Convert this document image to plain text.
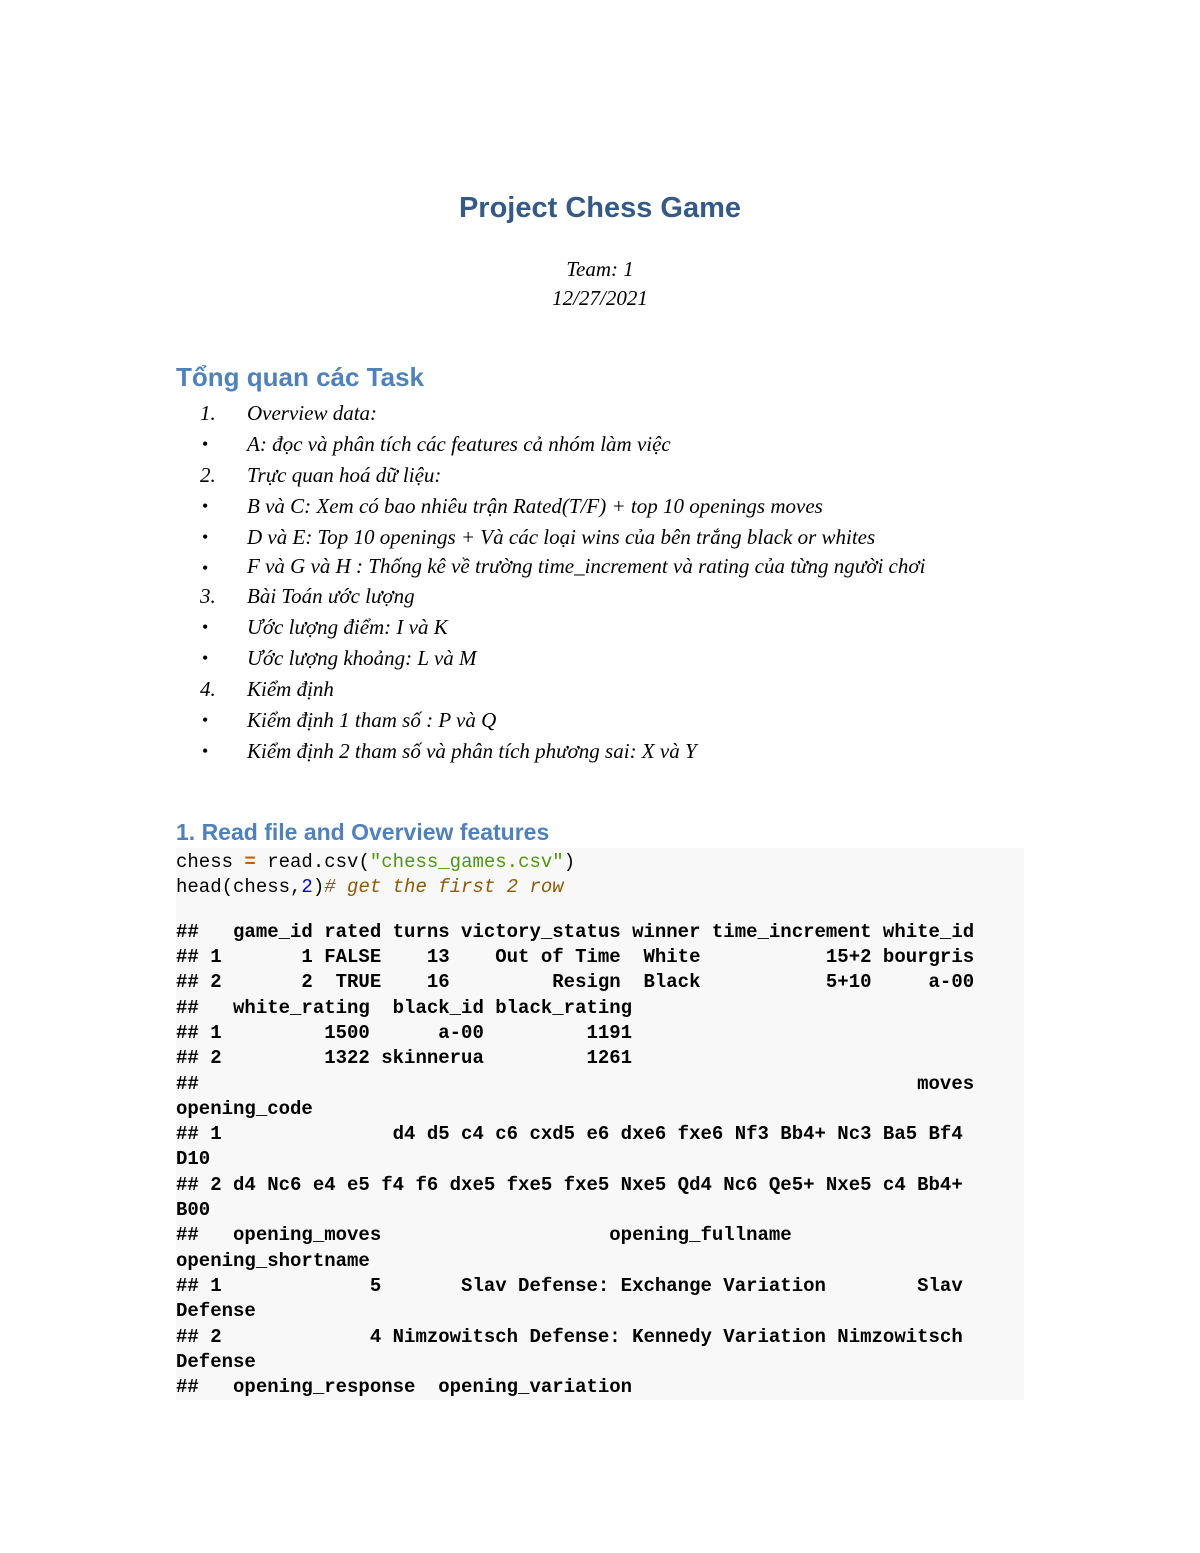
Project Chess Game

Team: 1

12/27/2021

Tổng quan các Task
1. Overview data:
• A: đọc và phân tích các features cả nhóm làm việc
2. Trực quan hoá dữ liệu:
• B và C: Xem có bao nhiêu trận Rated(T/F) + top 10 openings moves
• D và E: Top 10 openings + Và các loại wins của bên trắng black or whites
• F và G và H : Thống kê về trường time_increment và rating của từng người chơi
3. Bài Toán ước lượng
• Ước lượng điểm: I và K
• Ước lượng khoảng: L và M
4. Kiểm định
• Kiểm định 1 tham số : P và Q
• Kiểm định 2 tham số và phân tích phương sai: X và Y
1. Read file and Overview features
chess = read.csv("chess_games.csv")
head(chess,2)# get the first 2 row
##   game_id rated turns victory_status winner time_increment white_id
## 1       1 FALSE    13    Out of Time  White           15+2 bourgris
## 2       2  TRUE    16         Resign  Black           5+10     a-00
##   white_rating  black_id black_rating
## 1         1500      a-00         1191
## 2         1322 skinnerua         1261
##                                                               moves
opening_code
## 1               d4 d5 c4 c6 cxd5 e6 dxe6 fxe6 Nf3 Bb4+ Nc3 Ba5 Bf4
D10
## 2 d4 Nc6 e4 e5 f4 f6 dxe5 fxe5 fxe5 Nxe5 Qd4 Nc6 Qe5+ Nxe5 c4 Bb4+
B00
##   opening_moves                    opening_fullname
opening_shortname
## 1             5       Slav Defense: Exchange Variation        Slav
Defense
## 2             4 Nimzowitsch Defense: Kennedy Variation Nimzowitsch
Defense
##   opening_response  opening_variation
